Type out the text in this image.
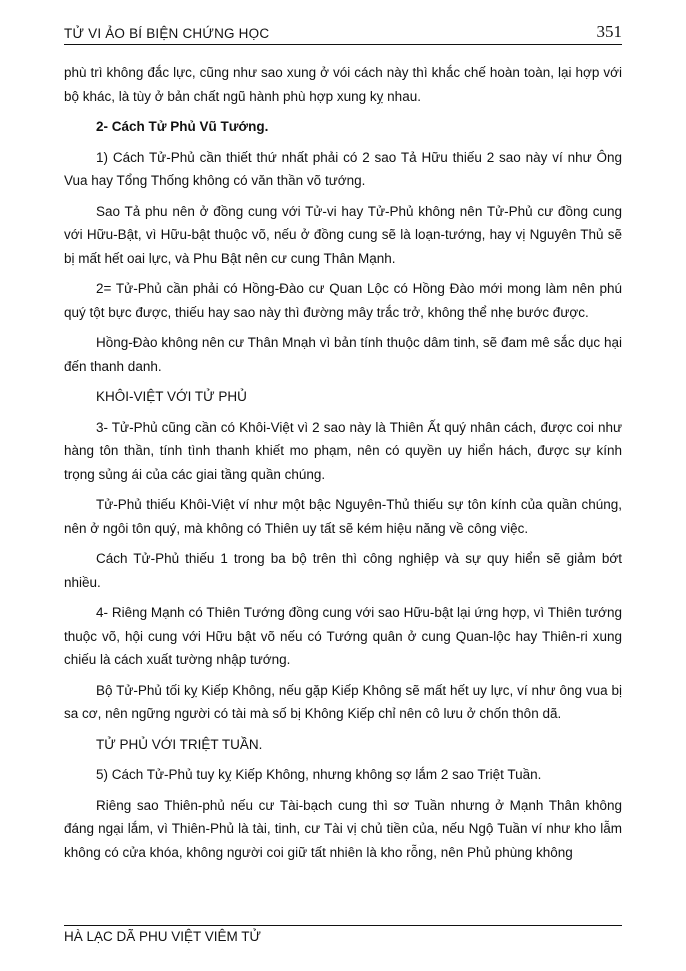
TỬ VI ẢO BÍ BIỆN CHỨNG HỌC	351

phù trì không đắc lực, cũng như sao xung ở vói cách này thì khắc chế hoàn toàn, lại hợp với bộ khác, là tùy ở bản chất ngũ hành phù hợp xung kỵ nhau.

2- Cách Tử Phủ Vũ Tướng.

1) Cách Tử-Phủ cần thiết thứ nhất phải có 2 sao Tả Hữu thiếu 2 sao này ví như Ông Vua hay Tổng Thống không có văn thần võ tướng.

Sao Tả phu nên ở đồng cung với Tử-vi hay Tử-Phủ không nên Tử-Phủ cư đồng cung với Hữu-Bật, vì Hữu-bật thuộc võ, nếu ở đồng cung sẽ là loạn-tướng, hay vị Nguyên Thủ sẽ bị mất hết oai lực, và Phu Bật nên cư cung Thân Mạnh.

2= Tử-Phủ cần phải có Hồng-Đào cư Quan Lộc có Hồng Đào mới mong làm nên phú quý tột bực được, thiếu hay sao này thì đường mây trắc trở, không thể nhẹ bước được.

Hồng-Đào không nên cư Thân Mnạh vì bản tính thuộc dâm tinh, sẽ đam mê sắc dục hại đến thanh danh.

KHÔI-VIỆT VỚI TỬ PHỦ

3- Tử-Phủ cũng cần có Khôi-Việt vì 2 sao này là Thiên Ất quý nhân cách, được coi như hàng tôn thần, tính tình thanh khiết mo phạm, nên có quyền uy hiển hách, được sự kính trọng sủng ái của các giai tầng quần chúng.

Tử-Phủ thiếu Khôi-Việt ví như một bậc Nguyên-Thủ thiếu sự tôn kính của quần chúng, nên ở ngôi tôn quý, mà không có Thiên uy tất sẽ kém hiệu năng về công việc.

Cách Tử-Phủ thiếu 1 trong ba bộ trên thì công nghiệp và sự quy hiển sẽ giảm bớt nhiều.

4- Riêng Mạnh có Thiên Tướng đồng cung với sao Hữu-bật lại ứng hợp, vì Thiên tướng thuộc võ, hội cung với Hữu bật võ nếu có Tướng quân ở cung Quan-lộc hay Thiên-ri xung chiếu là cách xuất tường nhập tướng.

Bộ Tử-Phủ tối kỵ Kiếp Không, nếu gặp Kiếp Không sẽ mất hết uy lực, ví như ông vua bị sa cơ, nên ngững người có tài mà số bị Không Kiếp chỉ nên cô lưu ở chốn thôn dã.

TỬ PHỦ VỚI TRIỆT TUẦN.

5) Cách Tử-Phủ tuy kỵ Kiếp Không, nhưng không sợ lắm 2 sao Triệt Tuần.

Riêng sao Thiên-phủ nếu cư Tài-bạch cung thì sơ Tuần nhưng ở Mạnh Thân không đáng ngại lắm, vì Thiên-Phủ là tài, tinh, cư Tài vị chủ tiền của, nếu Ngộ Tuần ví như kho lẫm không có cửa khóa, không người coi giữ tất nhiên là kho rỗng, nên Phủ phùng không

HÀ LẠC DÃ PHU VIỆT VIÊM TỬ
